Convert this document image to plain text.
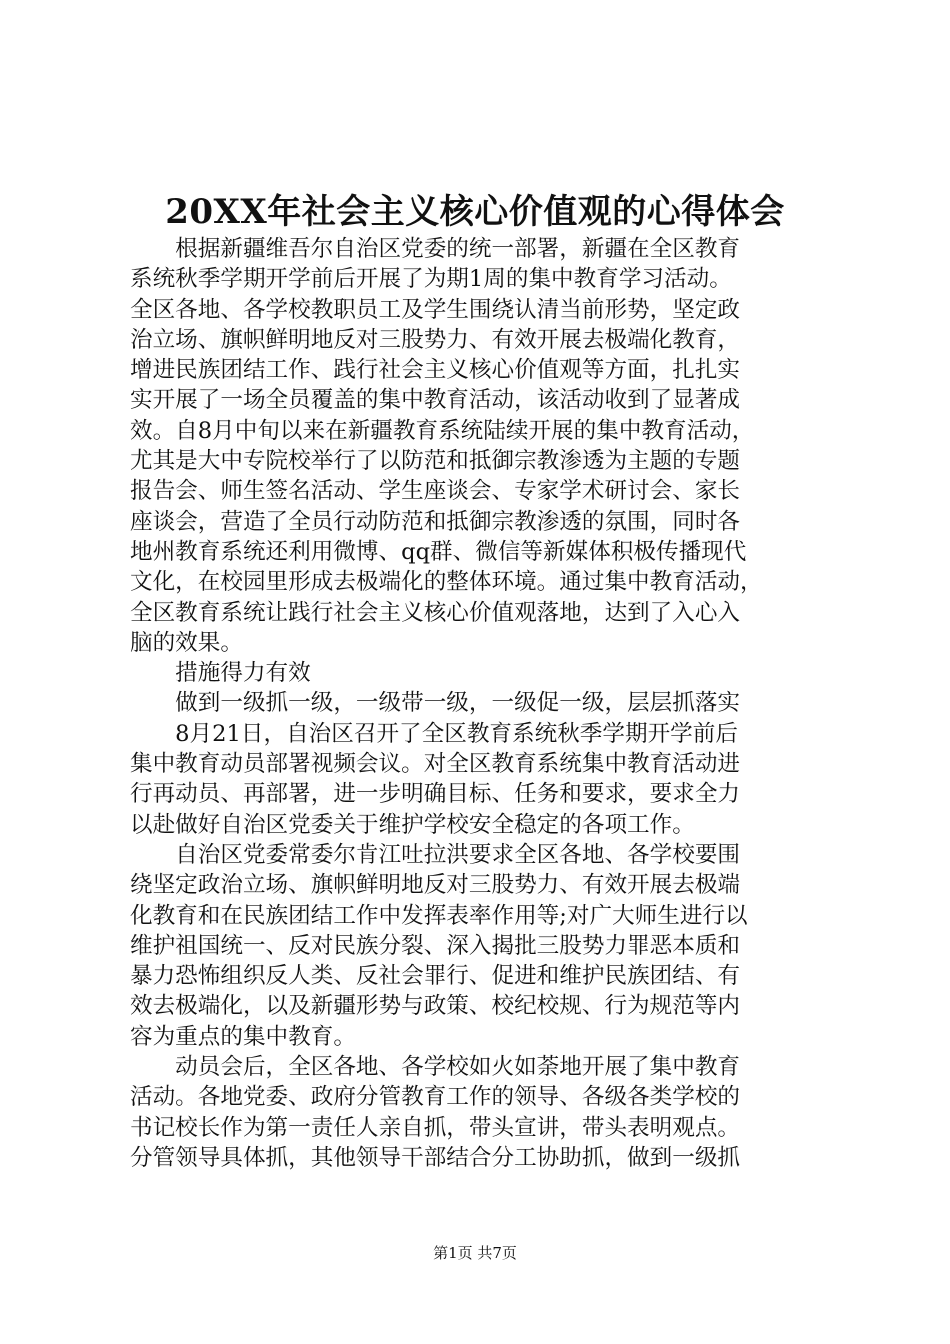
20XX年社会主义核心价值观的心得体会
　　根据新疆维吾尔自治区党委的统一部署，新疆在全区教育
系统秋季学期开学前后开展了为期1周的集中教育学习活动。
全区各地、各学校教职员工及学生围绕认清当前形势，坚定政
治立场、旗帜鲜明地反对三股势力、有效开展去极端化教育，
增进民族团结工作、践行社会主义核心价值观等方面，扎扎实
实开展了一场全员覆盖的集中教育活动，该活动收到了显著成
效。自8月中旬以来在新疆教育系统陆续开展的集中教育活动，
尤其是大中专院校举行了以防范和抵御宗教渗透为主题的专题
报告会、师生签名活动、学生座谈会、专家学术研讨会、家长
座谈会，营造了全员行动防范和抵御宗教渗透的氛围，同时各
地州教育系统还利用微博、qq群、微信等新媒体积极传播现代
文化，在校园里形成去极端化的整体环境。通过集中教育活动，
全区教育系统让践行社会主义核心价值观落地，达到了入心入
脑的效果。
　　措施得力有效
　　做到一级抓一级，一级带一级，一级促一级，层层抓落实
　　8月21日，自治区召开了全区教育系统秋季学期开学前后
集中教育动员部署视频会议。对全区教育系统集中教育活动进
行再动员、再部署，进一步明确目标、任务和要求，要求全力
以赴做好自治区党委关于维护学校安全稳定的各项工作。
　　自治区党委常委尔肯江吐拉洪要求全区各地、各学校要围
绕坚定政治立场、旗帜鲜明地反对三股势力、有效开展去极端
化教育和在民族团结工作中发挥表率作用等;对广大师生进行以
维护祖国统一、反对民族分裂、深入揭批三股势力罪恶本质和
暴力恐怖组织反人类、反社会罪行、促进和维护民族团结、有
效去极端化，以及新疆形势与政策、校纪校规、行为规范等内
容为重点的集中教育。
　　动员会后，全区各地、各学校如火如荼地开展了集中教育
活动。各地党委、政府分管教育工作的领导、各级各类学校的
书记校长作为第一责任人亲自抓，带头宣讲，带头表明观点。
分管领导具体抓，其他领导干部结合分工协助抓，做到一级抓
第1页 共7页
